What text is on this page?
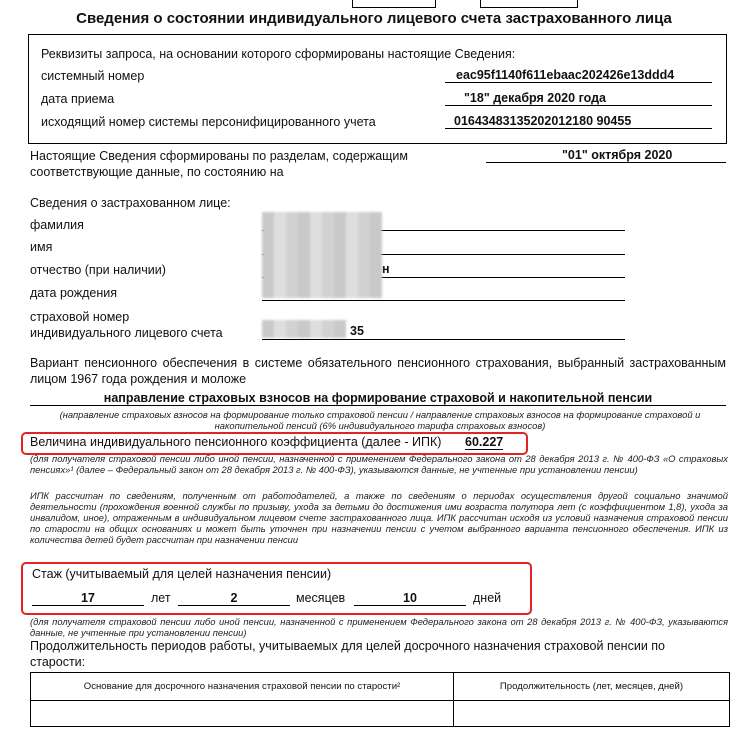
Сведения о состоянии индивидуального лицевого счета застрахованного лица
Реквизиты запроса, на основании которого сформированы настоящие Сведения:
системный номер	eac95f1140f611ebaac202426e13ddd4
дата приема	"18" декабря 2020 года
исходящий номер системы персонифицированного учета	01643483135202012180 90455
Настоящие Сведения сформированы по разделам, содержащим соответствующие данные, по состоянию на
"01" октября 2020
Сведения о застрахованном лице:
фамилия
имя
отчество (при наличии)	н
дата рождения
страховой номер
индивидуального лицевого счета	35
Вариант пенсионного обеспечения в системе обязательного пенсионного страхования, выбранный застрахованным лицом 1967 года рождения и моложе
направление страховых взносов на формирование страховой и накопительной пенсии
(направление страховых взносов на формирование только страховой пенсии / направление страховых взносов на формирование страховой и накопительной пенсий (6% индивидуального тарифа страховых взносов)
Величина индивидуального пенсионного коэффициента (далее - ИПК) 60.227
(для получателя страховой пенсии либо иной пенсии, назначенной с применением Федерального закона от 28 декабря 2013 г. № 400-ФЗ «О страховых пенсиях»¹ (далее – Федеральный закон от 28 декабря 2013 г. № 400-ФЗ), указываются данные, не учтенные при установлении пенсии)
ИПК рассчитан по сведениям, полученным от работодателей, а также по сведениям о периодах осуществления другой социально значимой деятельности (прохождения военной службы по призыву, ухода за детьми до достижения ими возраста полутора лет (с коэффициентом 1,8), ухода за инвалидом, иное), отраженным в индивидуальном лицевом счете застрахованного лица. ИПК рассчитан исходя из условий назначения страховой пенсии по старости на общих основаниях и может быть уточнен при назначении пенсии с учетом выбранного варианта пенсионного обеспечения. ИПК из количества детей будет рассчитан при назначении пенсии
Стаж (учитываемый для целей назначения пенсии)
17	лет	2	месяцев	10	дней
(для получателя страховой пенсии либо иной пенсии, назначенной с применением Федерального закона от 28 декабря 2013 г. № 400-ФЗ, указываются данные, не учтенные при установлении пенсии)
Продолжительность периодов работы, учитываемых для целей досрочного назначения страховой пенсии по старости:
Основание для досрочного назначения страховой пенсии по старости²	Продолжительность (лет, месяцев, дней)
